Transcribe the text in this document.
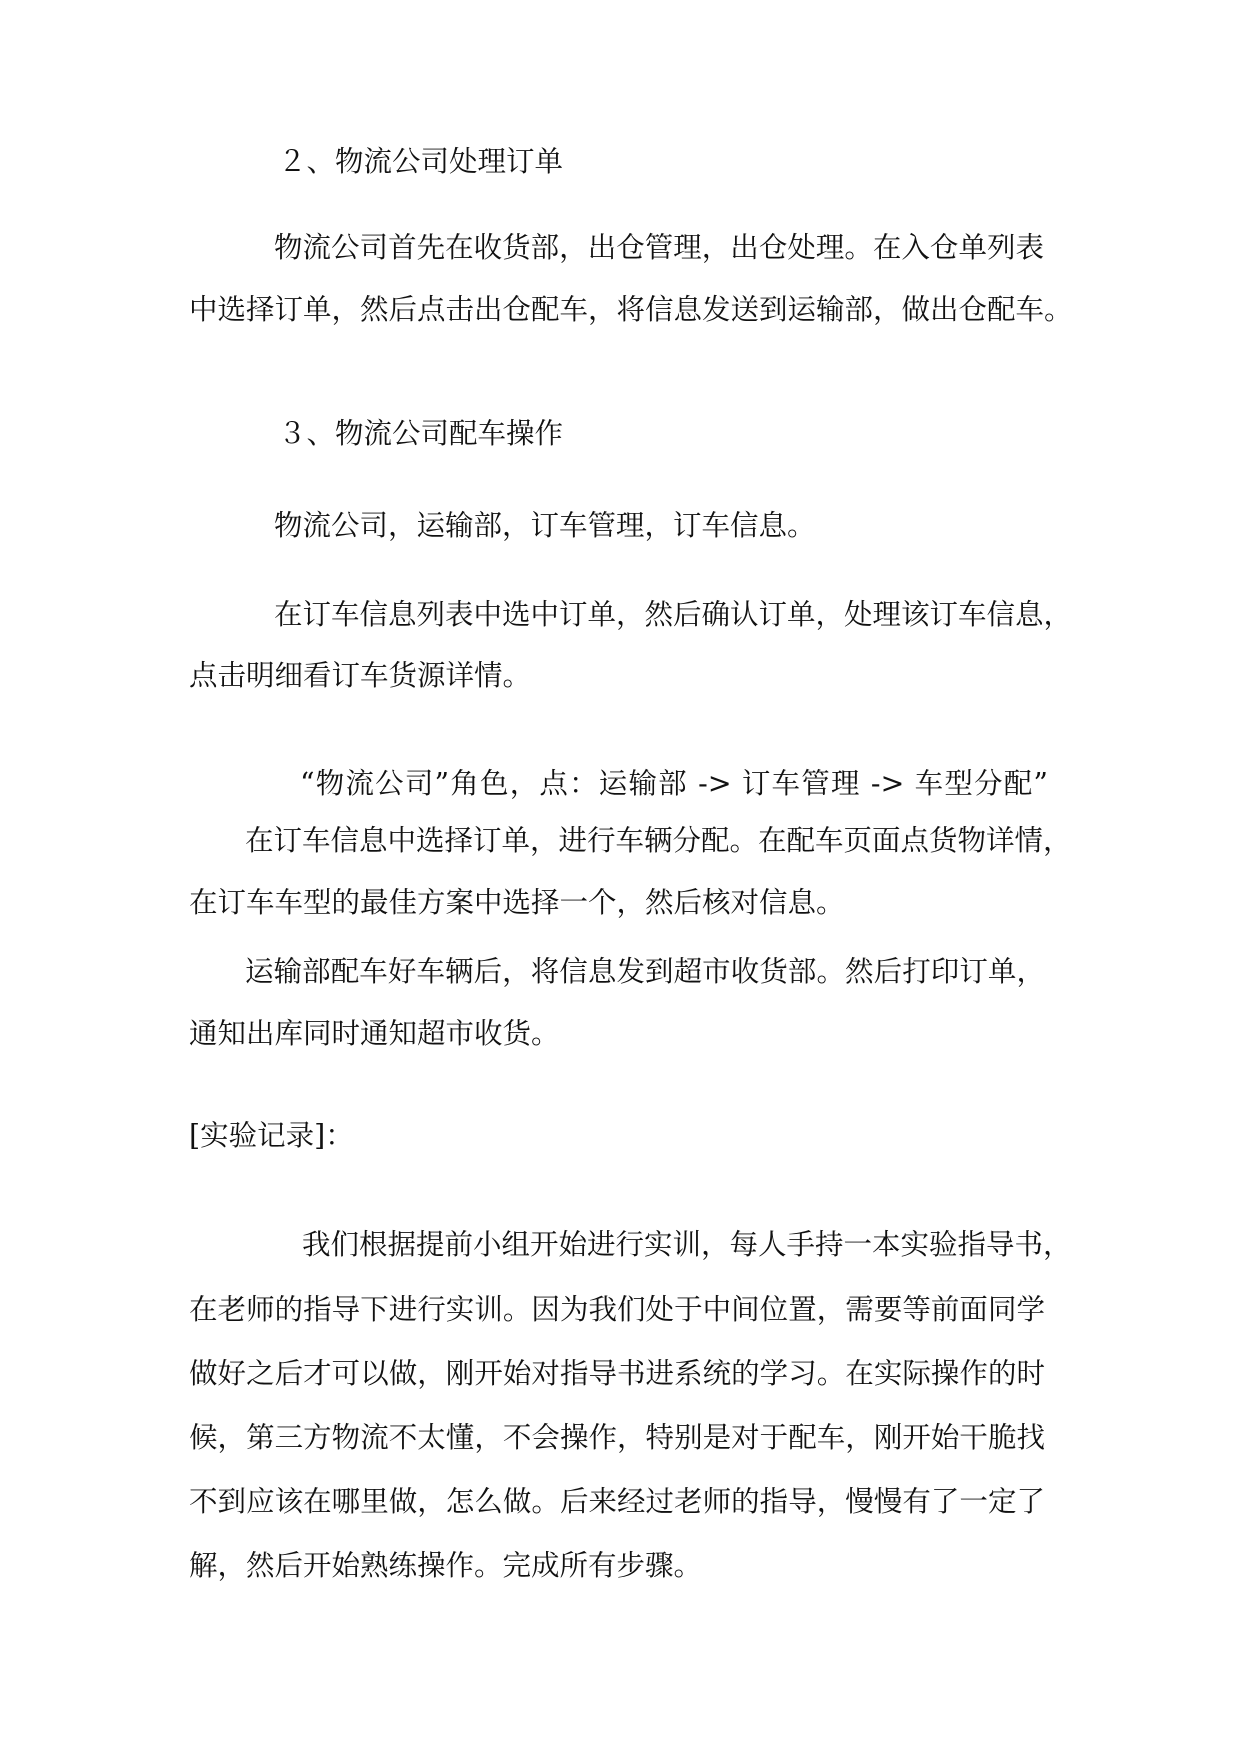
２、物流公司处理订单

物流公司首先在收货部，出仓管理，出仓处理。在入仓单列表

中选择订单，然后点击出仓配车，将信息发送到运输部，做出仓配车。

３、物流公司配车操作

物流公司，运输部，订车管理，订车信息。

在订车信息列表中选中订单，然后确认订单，处理该订车信息，

点击明细看订车货源详情。

“物流公司”角色，点：运输部 -> 订车管理 -> 车型分配”

在订车信息中选择订单，进行车辆分配。在配车页面点货物详情，

在订车车型的最佳方案中选择一个，然后核对信息。

运输部配车好车辆后，将信息发到超市收货部。然后打印订单，

通知出库同时通知超市收货。

[实验记录]：

我们根据提前小组开始进行实训，每人手持一本实验指导书，

在老师的指导下进行实训。因为我们处于中间位置，需要等前面同学

做好之后才可以做，刚开始对指导书进系统的学习。在实际操作的时

候，第三方物流不太懂，不会操作，特别是对于配车，刚开始干脆找

不到应该在哪里做，怎么做。后来经过老师的指导，慢慢有了一定了

解，然后开始熟练操作。完成所有步骤。
